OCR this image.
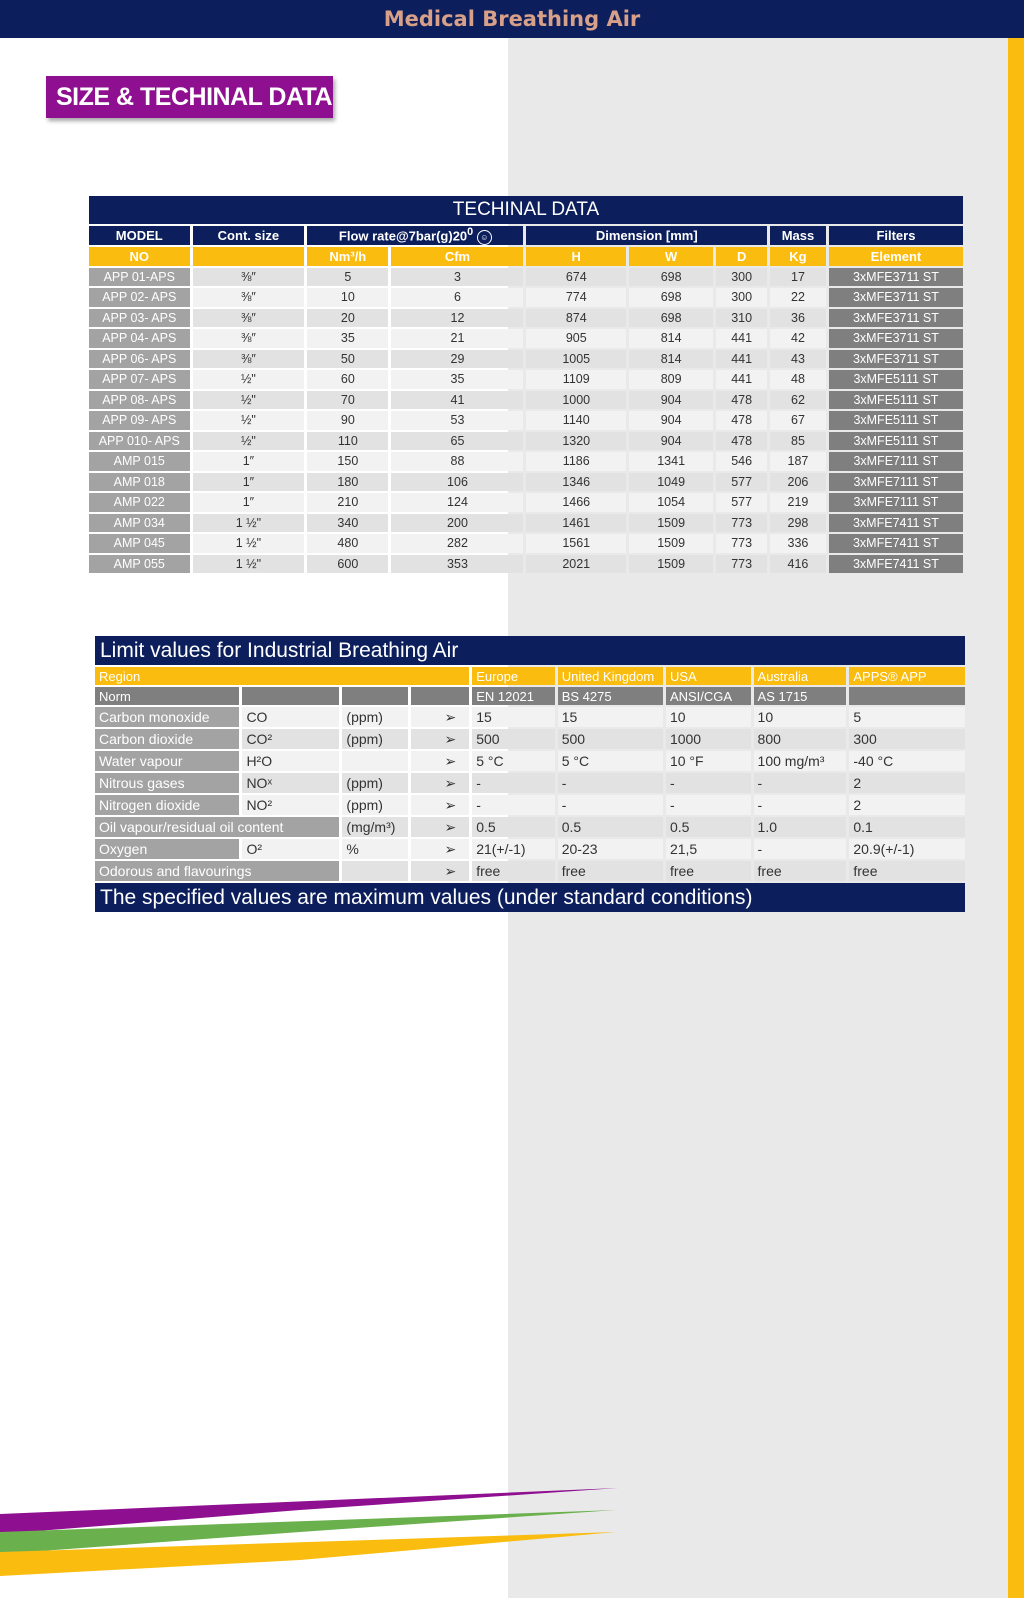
Medical Breathing Air
SIZE & TECHINAL DATA
TECHINAL DATA								
MODEL	Cont. size	Flow $rate@7bar(g)20^0$ ☺		Dimension [mm]			Mass	Filters
NO		Nm³/h	Cfm	H	W	D	Kg	Element
APP 01-APS	⅜″	5	3	674	698	300	17	3xMFE3711 ST
APP 02- APS	⅜″	10	6	774	698	300	22	3xMFE3711 ST
APP 03- APS	⅜″	20	12	874	698	310	36	3xMFE3711 ST
APP 04- APS	⅜″	35	21	905	814	441	42	3xMFE3711 ST
APP 06- APS	⅜″	50	29	1005	814	441	43	3xMFE3711 ST
APP 07- APS	½"	60	35	1109	809	441	48	3xMFE5111 ST
APP 08- APS	½"	70	41	1000	904	478	62	3xMFE5111 ST
APP 09- APS	½"	90	53	1140	904	478	67	3xMFE5111 ST
APP 010- APS	½"	110	65	1320	904	478	85	3xMFE5111 ST
AMP 015	1″	150	88	1186	1341	546	187	3xMFE7111 ST
AMP 018	1″	180	106	1346	1049	577	206	3xMFE7111 ST
AMP 022	1″	210	124	1466	1054	577	219	3xMFE7111 ST
AMP 034	1 ½"	340	200	1461	1509	773	298	3xMFE7411 ST
AMP 045	1 ½"	480	282	1561	1509	773	336	3xMFE7411 ST
AMP 055	1 ½"	600	353	2021	1509	773	416	3xMFE7411 ST
Limit values for Industrial Breathing Air								
Region				Europe	United Kingdom	USA	Australia	APPS® APP
Norm				EN 12021	BS 4275	ANSI/CGA	AS 1715	
Carbon monoxide	CO	(ppm)	➢	15	15	10	10	5
Carbon dioxide	CO²	(ppm)	➢	500	500	1000	800	300
Water vapour	H²O		➢	5 °C	5 °C	10 °F	100 mg/m³	-40 °C
Nitrous gases	NOˣ	(ppm)	➢	-	-	-	-	2
Nitrogen dioxide	NO²	(ppm)	➢	-	-	-	-	2
Oil vapour/residual oil content		(mg/m³)	➢	0.5	0.5	0.5	1.0	0.1
Oxygen	O²	%	➢	21(+/-1)	20-23	21,5	-	20.9(+/-1)
Odorous and flavourings			➢	free	free	free	free	free
The specified values are maximum values (under standard conditions)								
